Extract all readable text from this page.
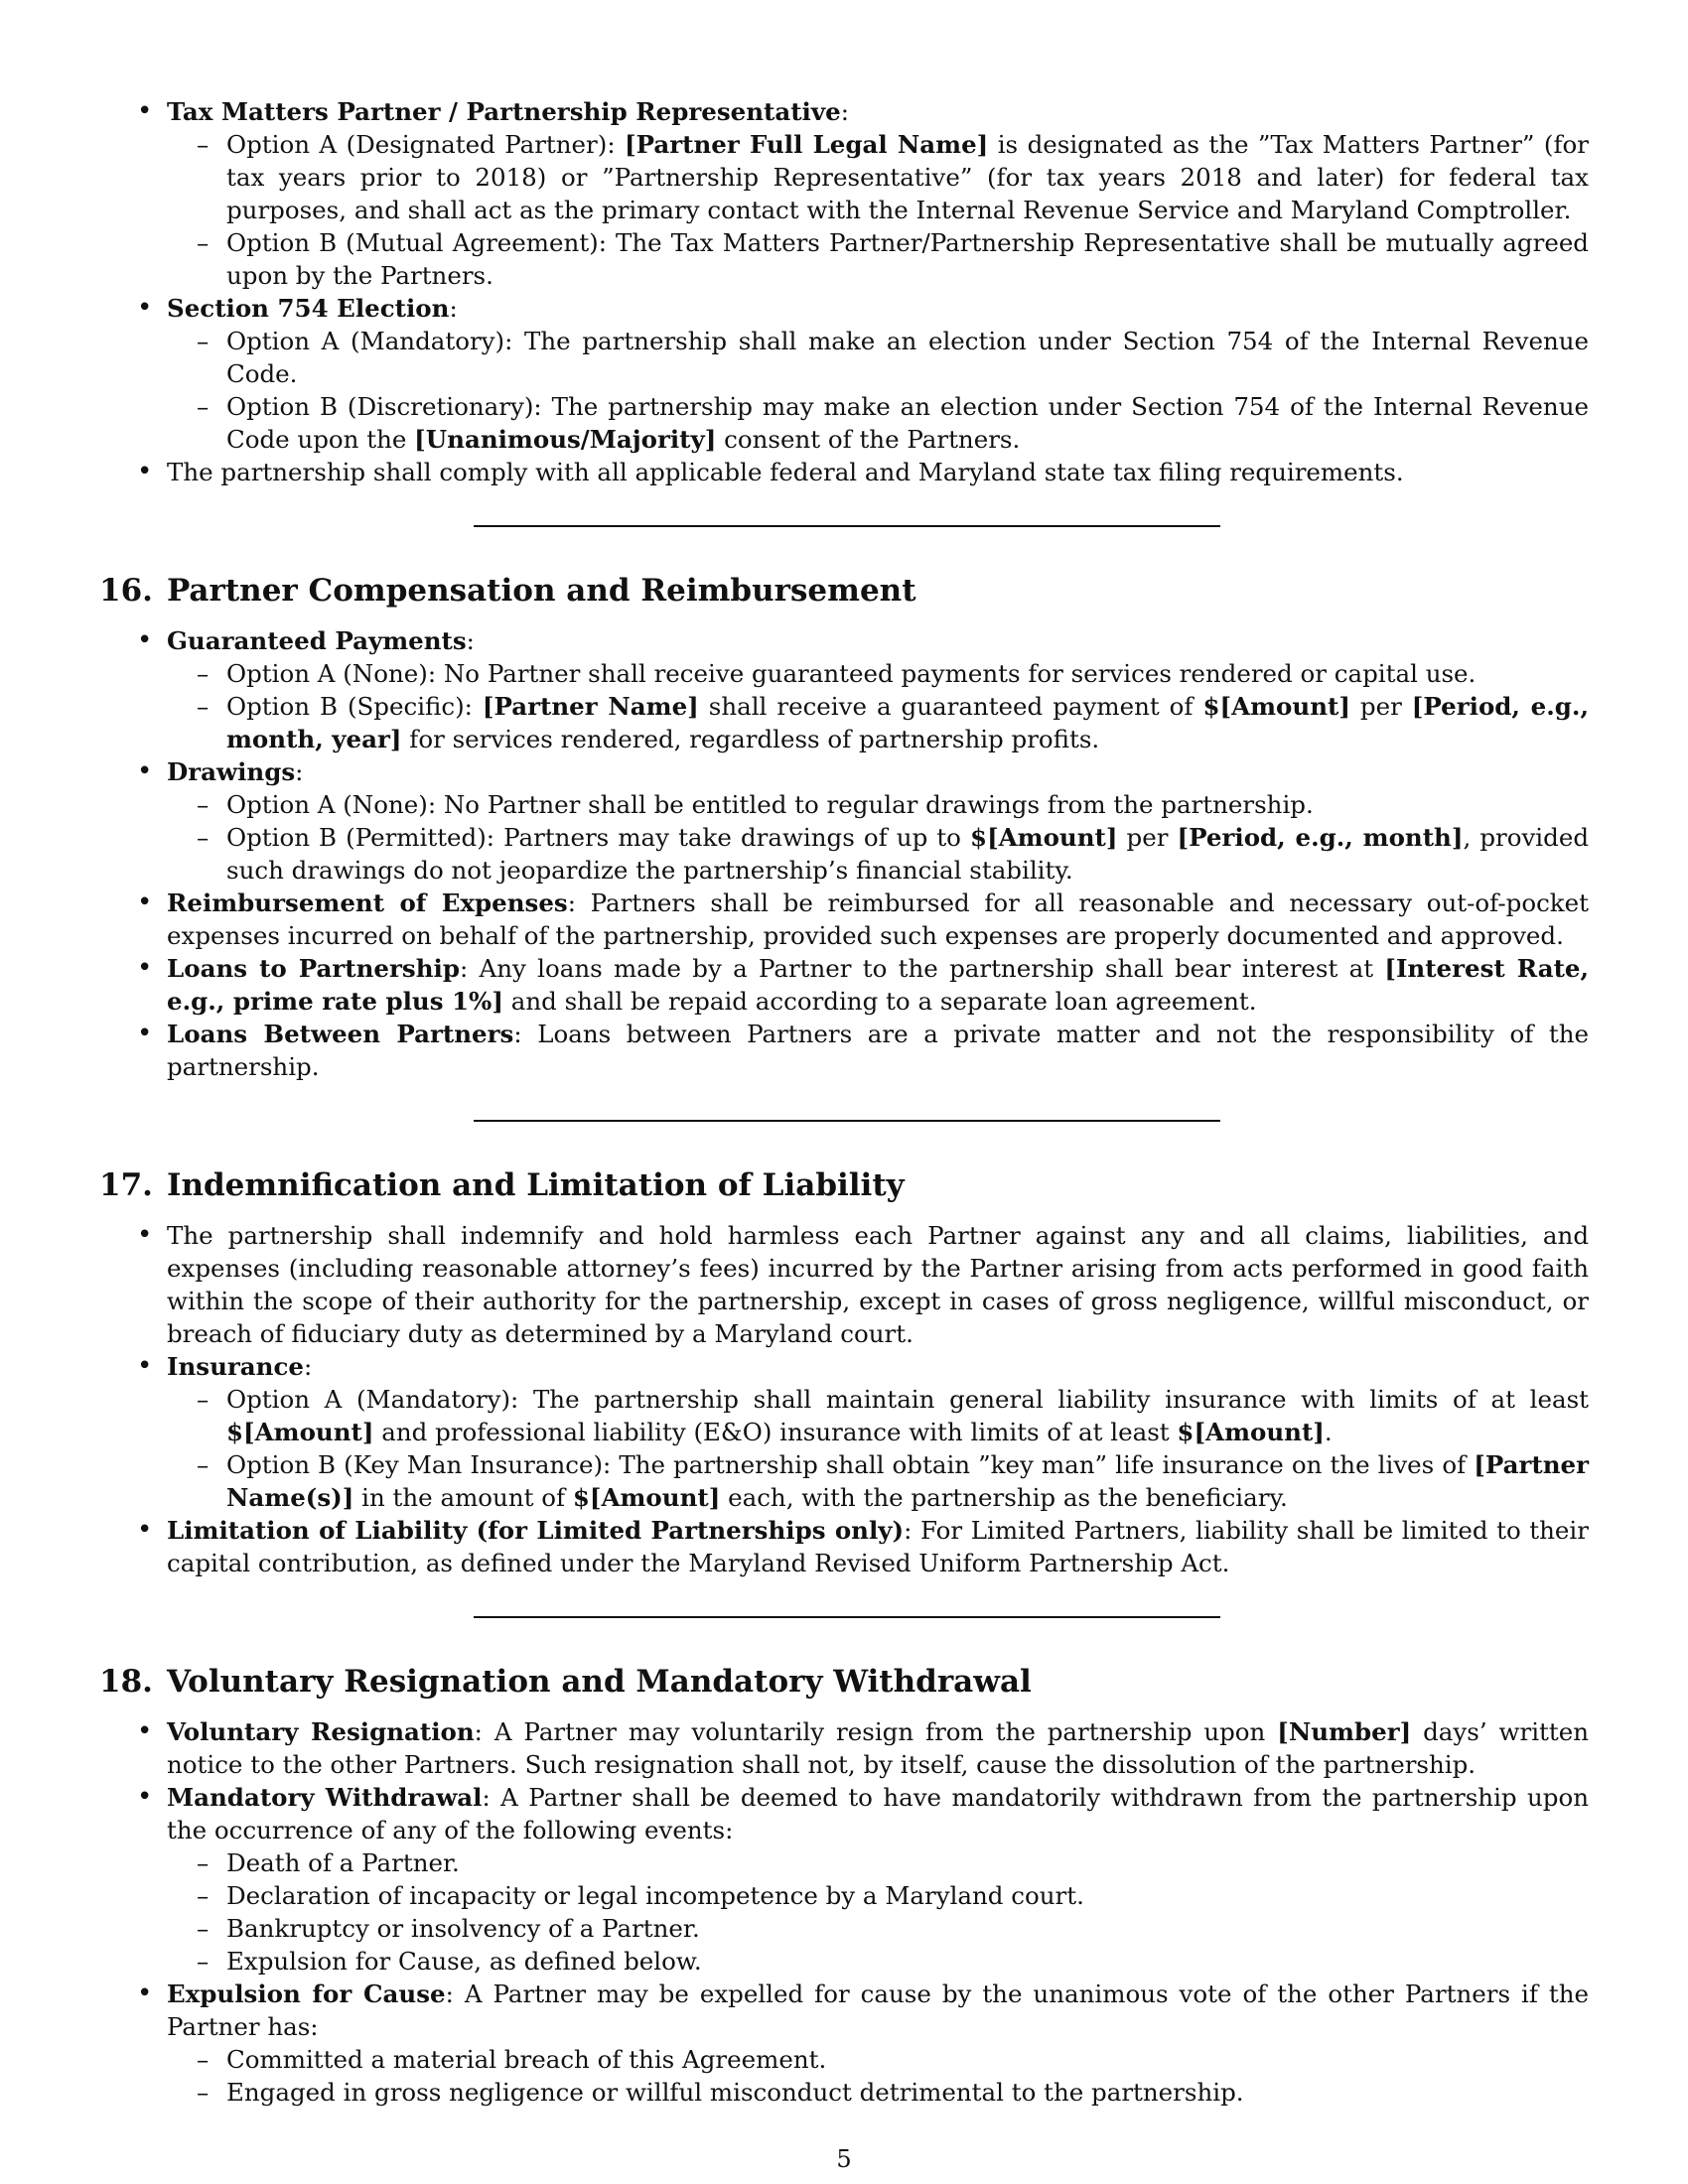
• Tax Matters Partner / Partnership Representative:
– Option A (Designated Partner): [Partner Full Legal Name] is designated as the ”Tax Matters Partner” (for tax years prior to 2018) or ”Partnership Representative” (for tax years 2018 and later) for federal tax purposes, and shall act as the primary contact with the Internal Revenue Service and Maryland Comptroller.
– Option B (Mutual Agreement): The Tax Matters Partner/Partnership Representative shall be mutually agreed upon by the Partners.
• Section 754 Election:
– Option A (Mandatory): The partnership shall make an election under Section 754 of the Internal Revenue Code.
– Option B (Discretionary): The partnership may make an election under Section 754 of the Internal Revenue Code upon the [Unanimous/Majority] consent of the Partners.
• The partnership shall comply with all applicable federal and Maryland state tax filing requirements.
16. Partner Compensation and Reimbursement
• Guaranteed Payments:
– Option A (None): No Partner shall receive guaranteed payments for services rendered or capital use.
– Option B (Specific): [Partner Name] shall receive a guaranteed payment of $[Amount] per [Period, e.g., month, year] for services rendered, regardless of partnership profits.
• Drawings:
– Option A (None): No Partner shall be entitled to regular drawings from the partnership.
– Option B (Permitted): Partners may take drawings of up to $[Amount] per [Period, e.g., month], provided such drawings do not jeopardize the partnership’s financial stability.
• Reimbursement of Expenses: Partners shall be reimbursed for all reasonable and necessary out-of-pocket expenses incurred on behalf of the partnership, provided such expenses are properly documented and approved.
• Loans to Partnership: Any loans made by a Partner to the partnership shall bear interest at [Interest Rate, e.g., prime rate plus 1%] and shall be repaid according to a separate loan agreement.
• Loans Between Partners: Loans between Partners are a private matter and not the responsibility of the partnership.
17. Indemnification and Limitation of Liability
• The partnership shall indemnify and hold harmless each Partner against any and all claims, liabilities, and expenses (including reasonable attorney’s fees) incurred by the Partner arising from acts performed in good faith within the scope of their authority for the partnership, except in cases of gross negligence, willful misconduct, or breach of fiduciary duty as determined by a Maryland court.
• Insurance:
– Option A (Mandatory): The partnership shall maintain general liability insurance with limits of at least $[Amount] and professional liability (E&O) insurance with limits of at least $[Amount].
– Option B (Key Man Insurance): The partnership shall obtain ”key man” life insurance on the lives of [Partner Name(s)] in the amount of $[Amount] each, with the partnership as the beneficiary.
• Limitation of Liability (for Limited Partnerships only): For Limited Partners, liability shall be limited to their capital contribution, as defined under the Maryland Revised Uniform Partnership Act.
18. Voluntary Resignation and Mandatory Withdrawal
• Voluntary Resignation: A Partner may voluntarily resign from the partnership upon [Number] days’ written notice to the other Partners. Such resignation shall not, by itself, cause the dissolution of the partnership.
• Mandatory Withdrawal: A Partner shall be deemed to have mandatorily withdrawn from the partnership upon the occurrence of any of the following events:
– Death of a Partner.
– Declaration of incapacity or legal incompetence by a Maryland court.
– Bankruptcy or insolvency of a Partner.
– Expulsion for Cause, as defined below.
• Expulsion for Cause: A Partner may be expelled for cause by the unanimous vote of the other Partners if the Partner has:
– Committed a material breach of this Agreement.
– Engaged in gross negligence or willful misconduct detrimental to the partnership.
5
